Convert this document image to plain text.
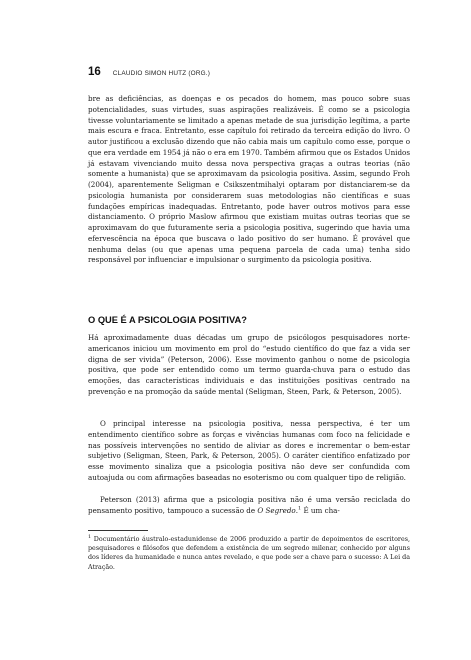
16 CLAUDIO SIMON HUTZ (ORG.)

bre as deficiências, as doenças e os pecados do homem, mas pouco sobre suas potencialidades, suas virtudes, suas aspirações realizáveis. É como se a psicologia tivesse voluntariamente se limitado a apenas metade de sua jurisdição legítima, a parte mais escura e fraca. Entretanto, esse capítulo foi retirado da terceira edição do livro. O autor justificou a exclusão dizendo que não cabia mais um capítulo como esse, porque o que era verdade em 1954 já não o era em 1970. Também afirmou que os Estados Unidos já estavam vivenciando muito dessa nova perspectiva graças a outras teorias (não somente a humanista) que se aproximavam da psicologia positiva. Assim, segundo Froh (2004), aparentemente Seligman e Csikszentmihalyi optaram por distanciarem-se da psicologia humanista por considerarem suas metodologias não científicas e suas fundações empíricas inadequadas. Entretanto, pode haver outros motivos para esse distanciamento. O próprio Maslow afirmou que existiam muitas outras teorias que se aproximavam do que futuramente seria a psicologia positiva, sugerindo que havia uma efervescência na época que buscava o lado positivo do ser humano. É provável que nenhuma delas (ou que apenas uma pequena parcela de cada uma) tenha sido responsável por influenciar e impulsionar o surgimento da psicologia positiva.

O QUE É A PSICOLOGIA POSITIVA?

Há aproximadamente duas décadas um grupo de psicólogos pesquisadores norte-americanos iniciou um movimento em prol do “estudo científico do que faz a vida ser digna de ser vivida” (Peterson, 2006). Esse movimento ganhou o nome de psicologia positiva, que pode ser entendido como um termo guarda-chuva para o estudo das emoções, das características individuais e das instituições positivas centrado na prevenção e na promoção da saúde mental (Seligman, Steen, Park, & Peterson, 2005).

O principal interesse na psicologia positiva, nessa perspectiva, é ter um entendimento científico sobre as forças e vivências humanas com foco na felicidade e nas possíveis intervenções no sentido de aliviar as dores e incrementar o bem-estar subjetivo (Seligman, Steen, Park, & Peterson, 2005). O caráter científico enfatizado por esse movimento sinaliza que a psicologia positiva não deve ser confundida com autoajuda ou com afirmações baseadas no esoterismo ou com qualquer tipo de religião.

Peterson (2013) afirma que a psicologia positiva não é uma versão reciclada do pensamento positivo, tampouco a sucessão de O Segredo.$^1$ É um cha-

$^1$ Documentário áustralo-estadunidense de 2006 produzido a partir de depoimentos de escritores, pesquisadores e filósofos que defendem a existência de um segredo milenar, conhecido por alguns dos líderes da humanidade e nunca antes revelado, e que pode ser a chave para o sucesso: A Lei da Atração.
